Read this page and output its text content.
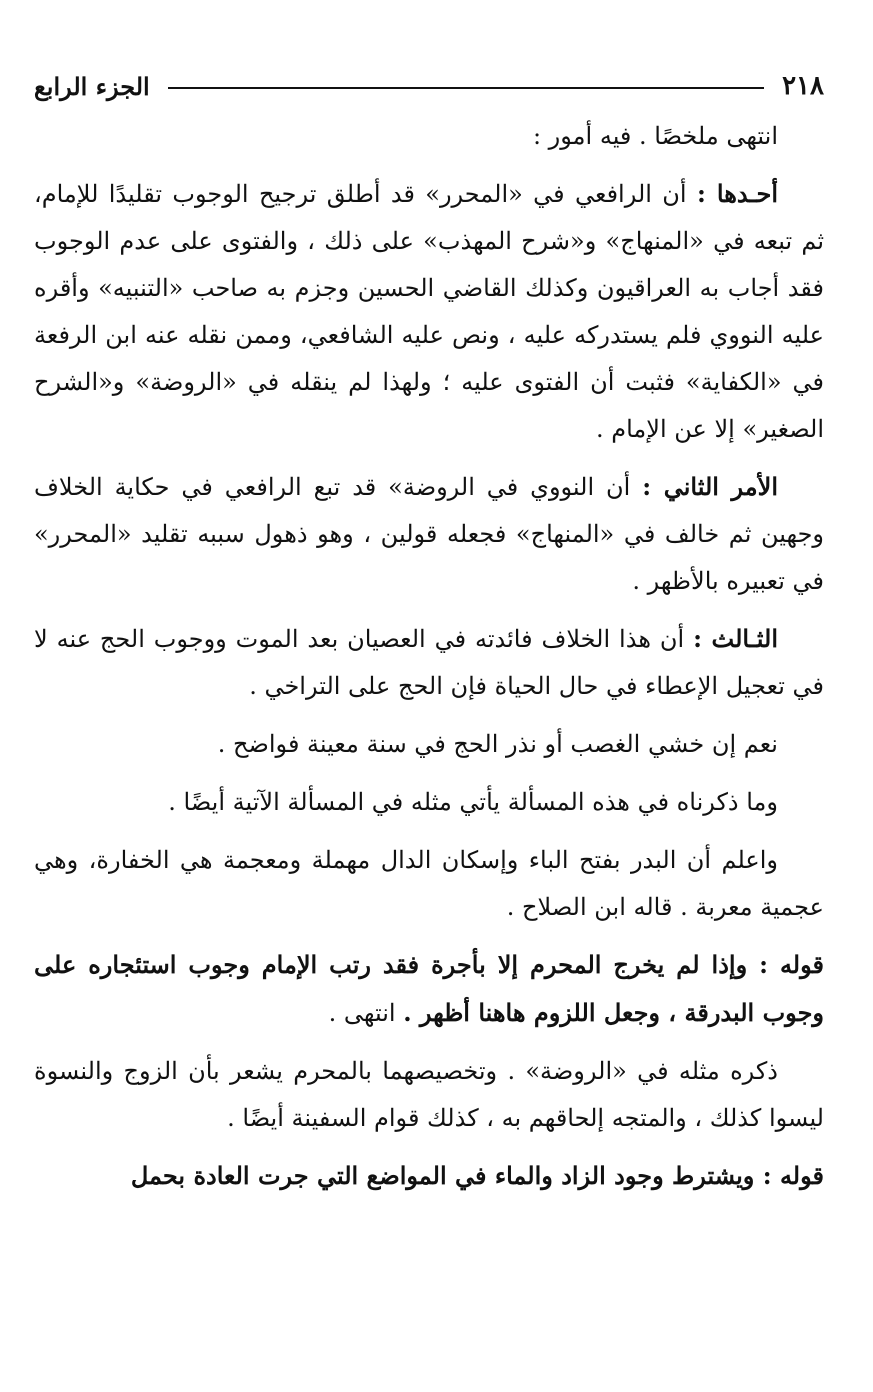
٢١٨
الجزء الرابع

انتهى ملخصًا . فيه أمور :

أحـدها : أن الرافعي في «المحرر» قد أطلق ترجيح الوجوب تقليدًا للإمام، ثم تبعه في «المنهاج» و«شرح المهذب» على ذلك ، والفتوى على عدم الوجوب فقد أجاب به العراقيون وكذلك القاضي الحسين وجزم به صاحب «التنبيه» وأقره عليه النووي فلم يستدركه عليه ، ونص عليه الشافعي، وممن نقله عنه ابن الرفعة في «الكفاية» فثبت أن الفتوى عليه ؛ ولهذا لم ينقله في «الروضة» و«الشرح الصغير» إلا عن الإمام .

الأمر الثاني : أن النووي في الروضة» قد تبع الرافعي في حكاية الخلاف وجهين ثم خالف في «المنهاج» فجعله قولين ، وهو ذهول سببه تقليد «المحرر» في تعبيره بالأظهر .

الثـالث : أن هذا الخلاف فائدته في العصيان بعد الموت ووجوب الحج عنه لا في تعجيل الإعطاء في حال الحياة فإن الحج على التراخي .

نعم إن خشي الغصب أو نذر الحج في سنة معينة فواضح .

وما ذكرناه في هذه المسألة يأتي مثله في المسألة الآتية أيضًا .

واعلم أن البدر بفتح الباء وإسكان الدال مهملة ومعجمة هي الخفارة، وهي عجمية معربة . قاله ابن الصلاح .

قوله : وإذا لم يخرج المحرم إلا بأجرة فقد رتب الإمام وجوب استئجاره على وجوب البدرقة ، وجعل اللزوم هاهنا أظهر . انتهى .

ذكره مثله في «الروضة» . وتخصيصهما بالمحرم يشعر بأن الزوج والنسوة ليسوا كذلك ، والمتجه إلحاقهم به ، كذلك قوام السفينة أيضًا .

قوله : ويشترط وجود الزاد والماء في المواضع التي جرت العادة بحمل
